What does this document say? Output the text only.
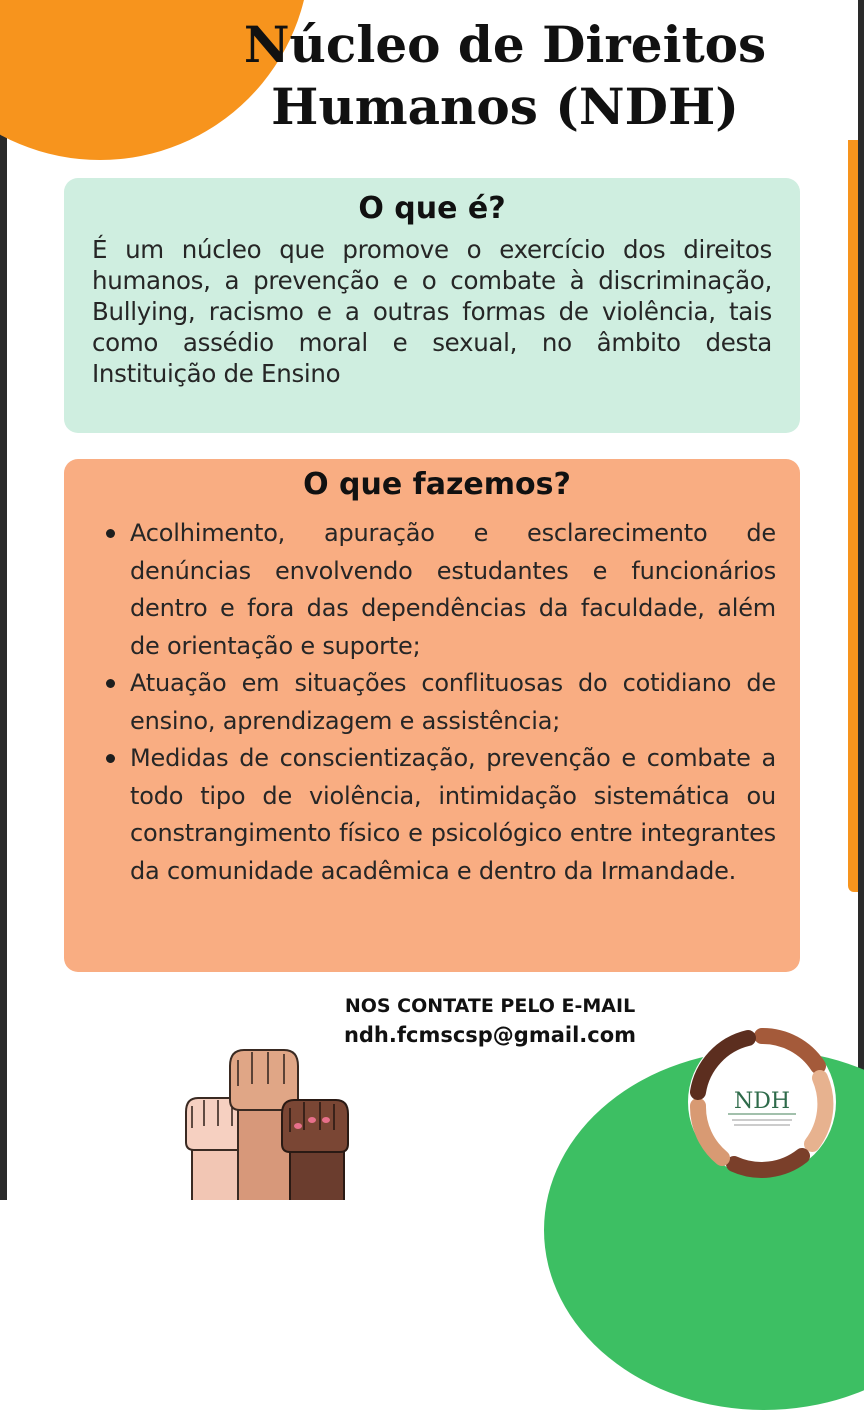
Núcleo de Direitos
Humanos (NDH)
O que é?

É um núcleo que promove o exercício dos direitos humanos, a prevenção e o combate à discriminação, Bullying, racismo e a outras formas de violência, tais como assédio moral e sexual, no âmbito desta Instituição de Ensino

O que fazemos?
Acolhimento, apuração e esclarecimento de denúncias envolvendo estudantes e funcionários dentro e fora das dependências da faculdade, além de orientação e suporte;
Atuação em situações conflituosas do cotidiano de ensino, aprendizagem e assistência;
Medidas de conscientização, prevenção e combate a todo tipo de violência, intimidação sistemática ou constrangimento físico e psicológico entre integrantes da comunidade acadêmica e dentro da Irmandade.
NOS CONTATE PELO E-MAIL
ndh.fcmscsp@gmail.com
NDH
